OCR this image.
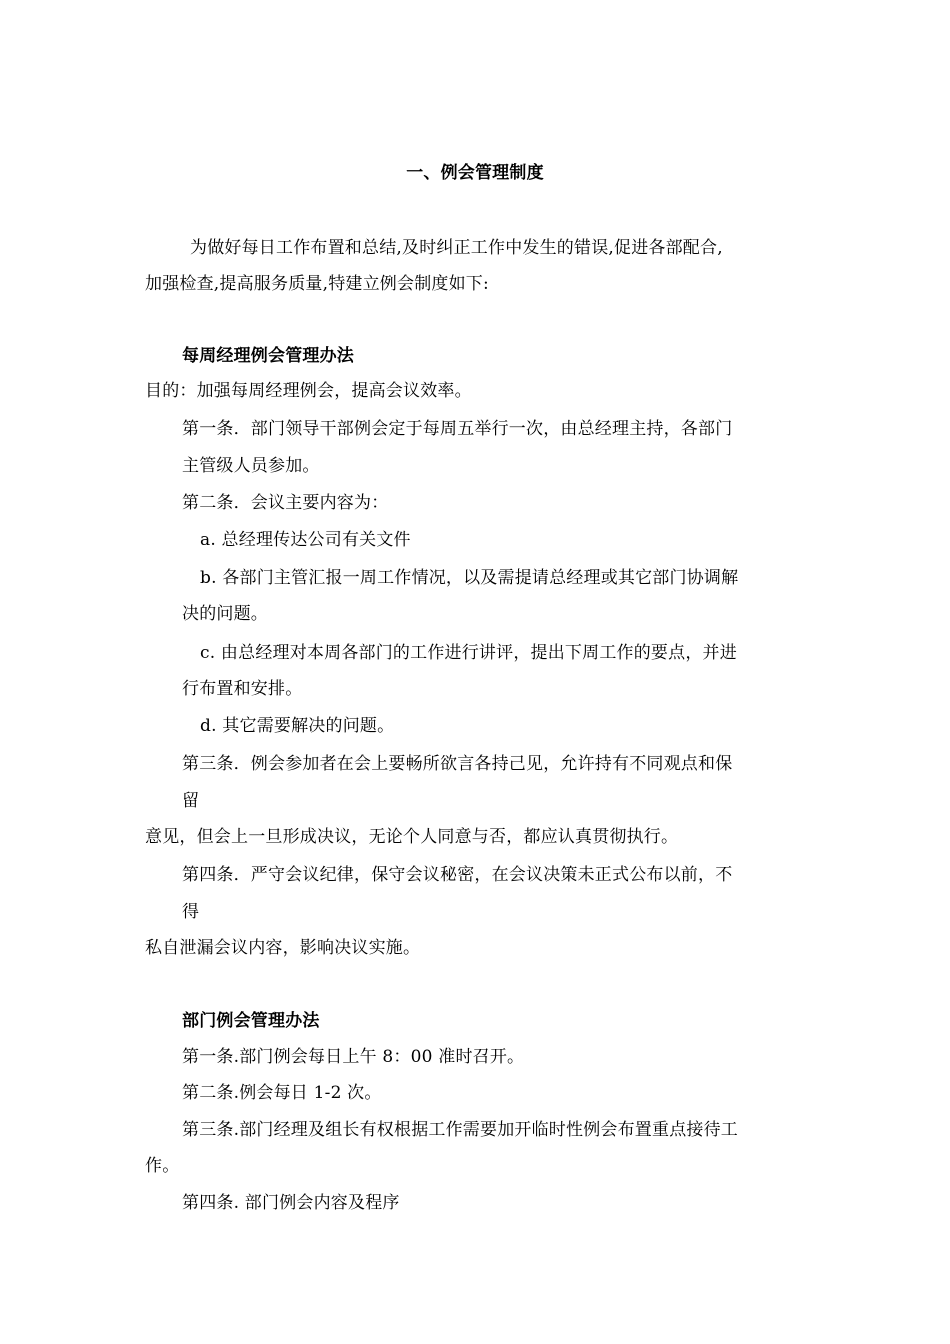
一、例会管理制度
为做好每日工作布置和总结,及时纠正工作中发生的错误,促进各部配合,
加强检查,提高服务质量,特建立例会制度如下:
每周经理例会管理办法
目的：加强每周经理例会，提高会议效率。
第一条．部门领导干部例会定于每周五举行一次，由总经理主持，各部门
主管级人员参加。
第二条．会议主要内容为：
a. 总经理传达公司有关文件
b. 各部门主管汇报一周工作情况，以及需提请总经理或其它部门协调解
决的问题。
c. 由总经理对本周各部门的工作进行讲评，提出下周工作的要点，并进
行布置和安排。
d. 其它需要解决的问题。
第三条．例会参加者在会上要畅所欲言各持己见，允许持有不同观点和保
留
意见，但会上一旦形成决议，无论个人同意与否，都应认真贯彻执行。
第四条．严守会议纪律，保守会议秘密，在会议决策未正式公布以前，不
得
私自泄漏会议内容，影响决议实施。
部门例会管理办法
第一条.部门例会每日上午 8：00 准时召开。
第二条.例会每日 1-2 次。
第三条.部门经理及组长有权根据工作需要加开临时性例会布置重点接待工
作。
第四条. 部门例会内容及程序
